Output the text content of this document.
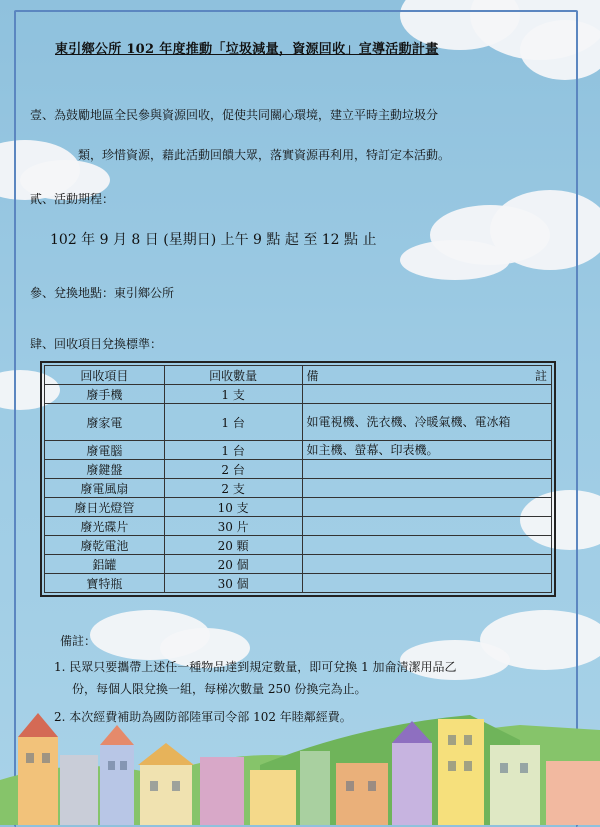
東引鄉公所 102 年度推動「垃圾減量，資源回收」宣導活動計畫
壹、為鼓勵地區全民參與資源回收，促使共同關心環境，建立平時主動垃圾分
類，珍惜資源，藉此活動回饋大眾，落實資源再利用，特訂定本活動。
貳、活動期程：
102 年 9 月 8 日 (星期日) 上午 9 點 起 至 12 點 止
參、兌換地點：東引鄉公所
肆、回收項目兌換標準：
回收項目	回收數量	備 註

廢手機	1 支	
廢家電	1 台	如電視機、洗衣機、冷暖氣機、電冰箱
廢電腦	1 台	如主機、螢幕、印表機。
廢鍵盤	2 台	
廢電風扇	2 支	
廢日光燈管	10 支	
廢光碟片	30 片	
廢乾電池	20 顆	
鋁罐	20 個	
寶特瓶	30 個	
備註：
1. 民眾只要攜帶上述任一種物品達到規定數量，即可兌換 1 加侖清潔用品乙
份，每個人限兌換一組，每梯次數量 250 份換完為止。
2. 本次經費補助為國防部陸軍司令部 102 年睦鄰經費。
